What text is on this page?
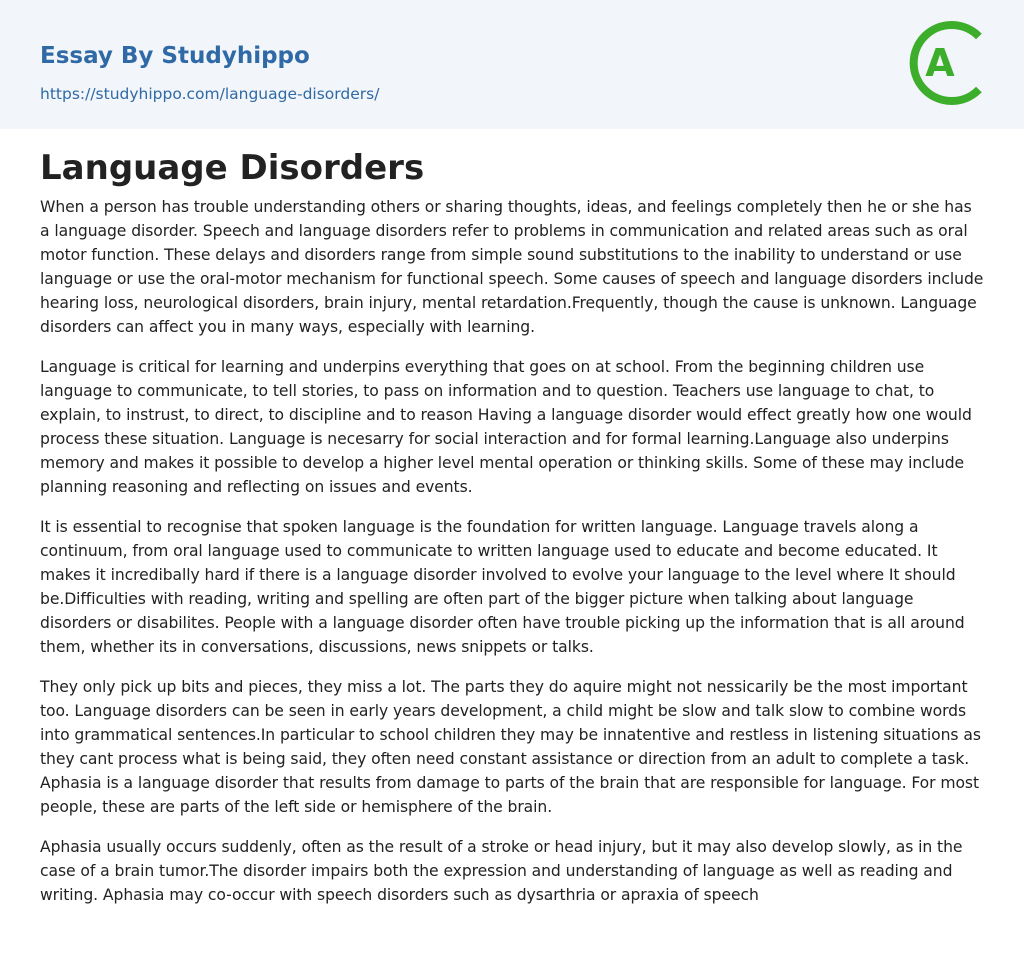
Essay By Studyhippo
https://studyhippo.com/language-disorders/
A
Language Disorders

When a person has trouble understanding others or sharing thoughts, ideas, and feelings completely then he or she has a language disorder. Speech and language disorders refer to problems in communication and related areas such as oral motor function. These delays and disorders range from simple sound substitutions to the inability to understand or use language or use the oral-motor mechanism for functional speech. Some causes of speech and language disorders include hearing loss, neurological disorders, brain injury, mental retardation.Frequently, though the cause is unknown. Language disorders can affect you in many ways, especially with learning.

Language is critical for learning and underpins everything that goes on at school. From the beginning children use language to communicate, to tell stories, to pass on information and to question. Teachers use language to chat, to explain, to instrust, to direct, to discipline and to reason Having a language disorder would effect greatly how one would process these situation. Language is necesarry for social interaction and for formal learning.Language also underpins memory and makes it possible to develop a higher level mental operation or thinking skills. Some of these may include planning reasoning and reflecting on issues and events.

It is essential to recognise that spoken language is the foundation for written language. Language travels along a continuum, from oral language used to communicate to written language used to educate and become educated. It makes it incredibally hard if there is a language disorder involved to evolve your language to the level where It should be.Difficulties with reading, writing and spelling are often part of the bigger picture when talking about language disorders or disabilites. People with a language disorder often have trouble picking up the information that is all around them, whether its in conversations, discussions, news snippets or talks.

They only pick up bits and pieces, they miss a lot. The parts they do aquire might not nessicarily be the most important too. Language disorders can be seen in early years development, a child might be slow and talk slow to combine words into grammatical sentences.In particular to school children they may be innatentive and restless in listening situations as they cant process what is being said, they often need constant assistance or direction from an adult to complete a task. Aphasia is a language disorder that results from damage to parts of the brain that are responsible for language. For most people, these are parts of the left side or hemisphere of the brain.

Aphasia usually occurs suddenly, often as the result of a stroke or head injury, but it may also develop slowly, as in the case of a brain tumor.The disorder impairs both the expression and understanding of language as well as reading and writing. Aphasia may co-occur with speech disorders such as dysarthria or apraxia of speech
